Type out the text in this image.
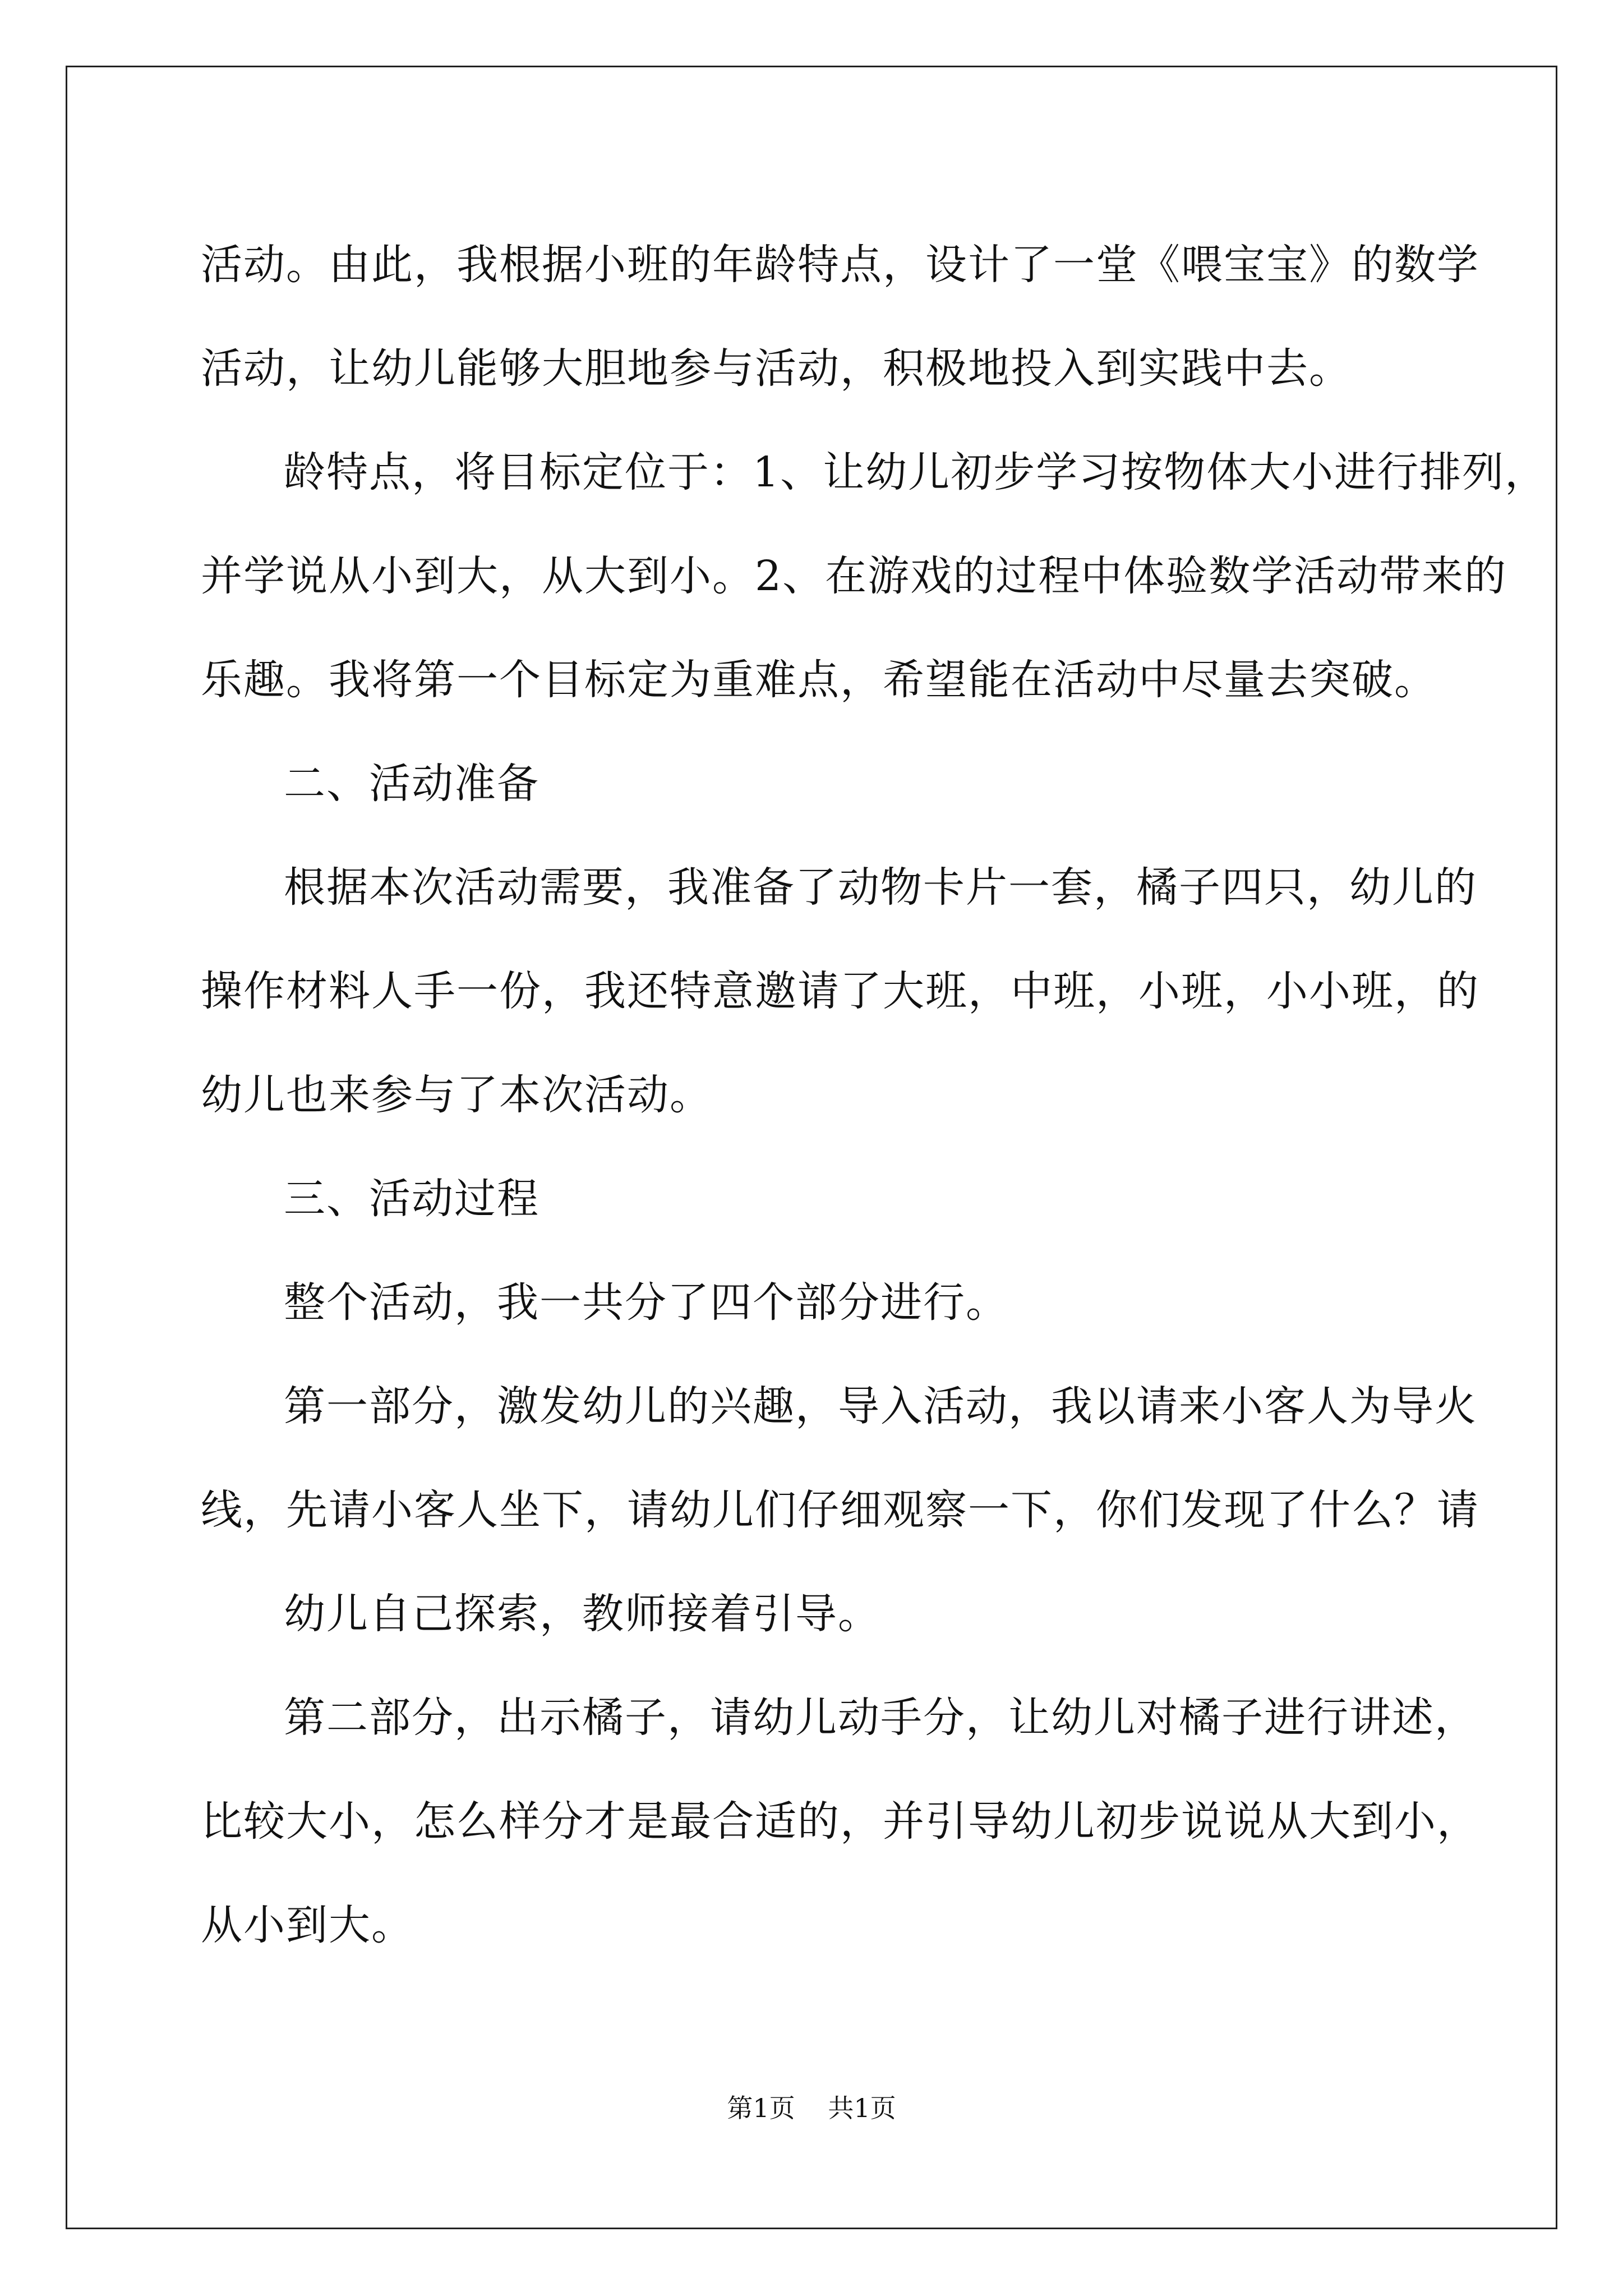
活动。由此，我根据小班的年龄特点，设计了一堂《喂宝宝》的数学
活动，让幼儿能够大胆地参与活动，积极地投入到实践中去。

龄特点，将目标定位于：1、让幼儿初步学习按物体大小进行排列，
并学说从小到大，从大到小。2、在游戏的过程中体验数学活动带来的
乐趣。我将第一个目标定为重难点，希望能在活动中尽量去突破。

二、活动准备

根据本次活动需要，我准备了动物卡片一套，橘子四只，幼儿的
操作材料人手一份，我还特意邀请了大班，中班，小班，小小班，的
幼儿也来参与了本次活动。

三、活动过程

整个活动，我一共分了四个部分进行。

第一部分，激发幼儿的兴趣，导入活动，我以请来小客人为导火
线，先请小客人坐下，请幼儿们仔细观察一下，你们发现了什么？请

幼儿自己探索，教师接着引导。

第二部分，出示橘子，请幼儿动手分，让幼儿对橘子进行讲述，
比较大小，怎么样分才是最合适的，并引导幼儿初步说说从大到小，
从小到大。

第1页 共1页
